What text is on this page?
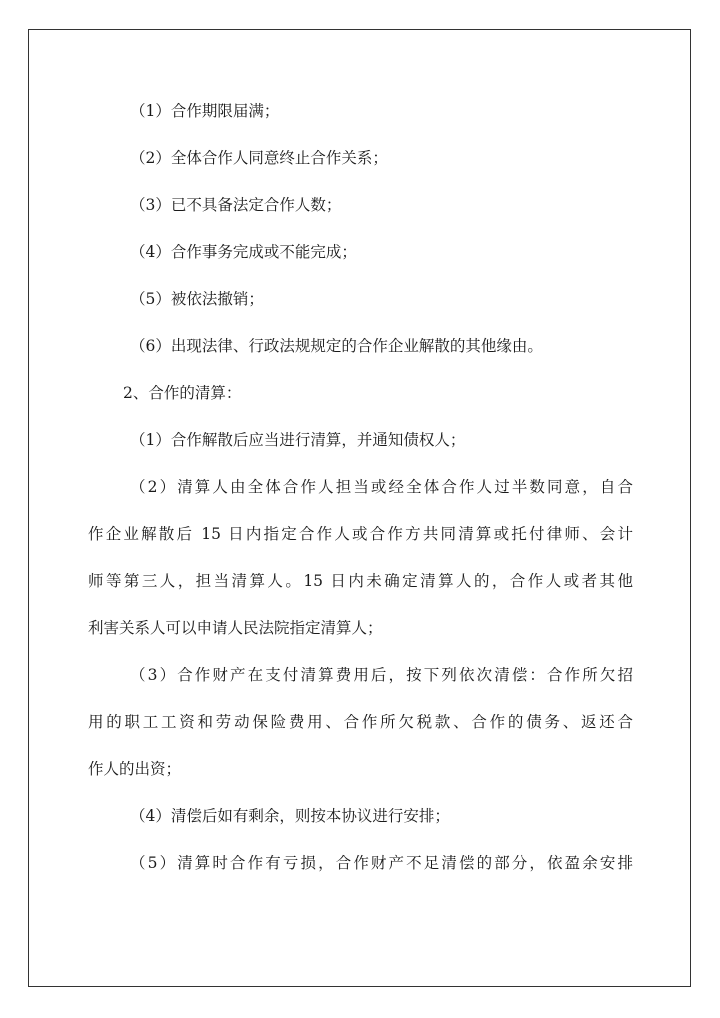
（1）合作期限届满；
（2）全体合作人同意终止合作关系；
（3）已不具备法定合作人数；
（4）合作事务完成或不能完成；
（5）被依法撤销；
（6）出现法律、行政法规规定的合作企业解散的其他缘由。
2、合作的清算：
（1）合作解散后应当进行清算，并通知债权人；
（2）清算人由全体合作人担当或经全体合作人过半数同意，自合
作企业解散后 15 日内指定合作人或合作方共同清算或托付律师、会计
师等第三人，担当清算人。15 日内未确定清算人的，合作人或者其他
利害关系人可以申请人民法院指定清算人；
（3）合作财产在支付清算费用后，按下列依次清偿：合作所欠招
用的职工工资和劳动保险费用、合作所欠税款、合作的债务、返还合
作人的出资；
（4）清偿后如有剩余，则按本协议进行安排；
（5）清算时合作有亏损，合作财产不足清偿的部分，依盈余安排
